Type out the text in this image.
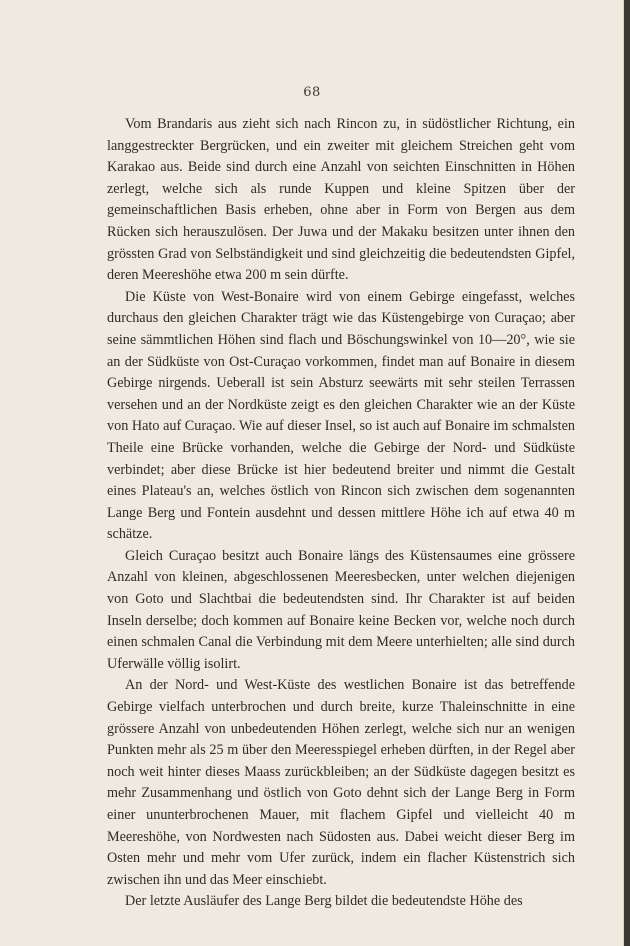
68

Vom Brandaris aus zieht sich nach Rincon zu, in südöstlicher Richtung, ein langgestreckter Bergrücken, und ein zweiter mit gleichem Streichen geht vom Karakao aus. Beide sind durch eine Anzahl von seichten Einschnitten in Höhen zerlegt, welche sich als runde Kuppen und kleine Spitzen über der gemeinschaftlichen Basis erheben, ohne aber in Form von Bergen aus dem Rücken sich herauszulösen. Der Juwa und der Makaku besitzen unter ihnen den grössten Grad von Selbständigkeit und sind gleichzeitig die bedeutendsten Gipfel, deren Meereshöhe etwa 200 m sein dürfte.

Die Küste von West-Bonaire wird von einem Gebirge eingefasst, welches durchaus den gleichen Charakter trägt wie das Küstengebirge von Curaçao; aber seine sämmtlichen Höhen sind flach und Böschungswinkel von 10—20°, wie sie an der Südküste von Ost-Curaçao vorkommen, findet man auf Bonaire in diesem Gebirge nirgends. Ueberall ist sein Absturz seewärts mit sehr steilen Terrassen versehen und an der Nordküste zeigt es den gleichen Charakter wie an der Küste von Hato auf Curaçao. Wie auf dieser Insel, so ist auch auf Bonaire im schmalsten Theile eine Brücke vorhanden, welche die Gebirge der Nord- und Südküste verbindet; aber diese Brücke ist hier bedeutend breiter und nimmt die Gestalt eines Plateau's an, welches östlich von Rincon sich zwischen dem sogenannten Lange Berg und Fontein ausdehnt und dessen mittlere Höhe ich auf etwa 40 m schätze.

Gleich Curaçao besitzt auch Bonaire längs des Küstensaumes eine grössere Anzahl von kleinen, abgeschlossenen Meeresbecken, unter welchen diejenigen von Goto und Slachtbai die bedeutendsten sind. Ihr Charakter ist auf beiden Inseln derselbe; doch kommen auf Bonaire keine Becken vor, welche noch durch einen schmalen Canal die Verbindung mit dem Meere unterhielten; alle sind durch Uferwälle völlig isolirt.

An der Nord- und West-Küste des westlichen Bonaire ist das betreffende Gebirge vielfach unterbrochen und durch breite, kurze Thaleinschnitte in eine grössere Anzahl von unbedeutenden Höhen zerlegt, welche sich nur an wenigen Punkten mehr als 25 m über den Meeresspiegel erheben dürften, in der Regel aber noch weit hinter dieses Maass zurückbleiben; an der Südküste dagegen besitzt es mehr Zusammenhang und östlich von Goto dehnt sich der Lange Berg in Form einer ununterbrochenen Mauer, mit flachem Gipfel und vielleicht 40 m Meereshöhe, von Nordwesten nach Südosten aus. Dabei weicht dieser Berg im Osten mehr und mehr vom Ufer zurück, indem ein flacher Küstenstrich sich zwischen ihn und das Meer einschiebt.

Der letzte Ausläufer des Lange Berg bildet die bedeutendste Höhe des
